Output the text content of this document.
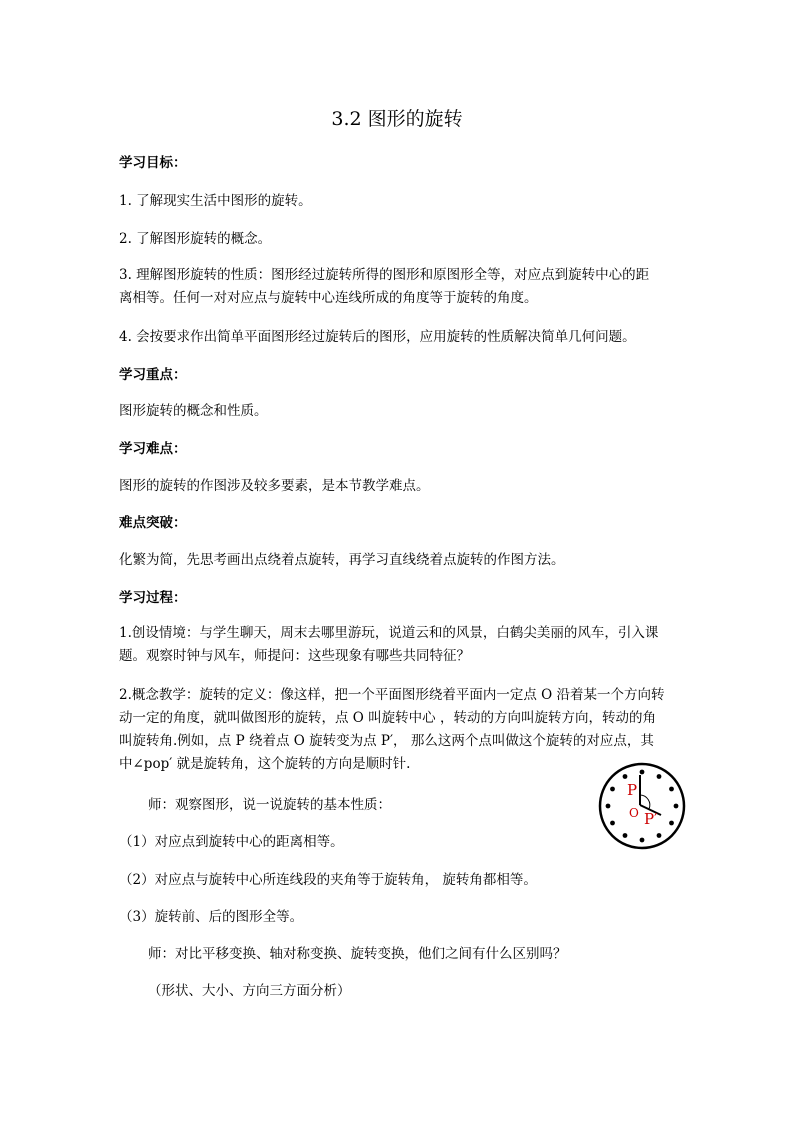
3.2 图形的旋转
学习目标：
1. 了解现实生活中图形的旋转。
2. 了解图形旋转的概念。
3. 理解图形旋转的性质：图形经过旋转所得的图形和原图形全等，对应点到旋转中心的距
离相等。任何一对对应点与旋转中心连线所成的角度等于旋转的角度。
4. 会按要求作出简单平面图形经过旋转后的图形，应用旋转的性质解决简单几何问题。
学习重点：
图形旋转的概念和性质。
学习难点：
图形的旋转的作图涉及较多要素，是本节教学难点。
难点突破：
化繁为简，先思考画出点绕着点旋转，再学习直线绕着点旋转的作图方法。
学习过程：
1.创设情境：与学生聊天，周末去哪里游玩，说道云和的风景，白鹤尖美丽的风车，引入课
题。观察时钟与风车，师提问：这些现象有哪些共同特征？
2.概念教学：旋转的定义：像这样，把一个平面图形绕着平面内一定点 O 沿着某一个方向转
动一定的角度，就叫做图形的旋转，点 O 叫旋转中心 ，转动的方向叫旋转方向，转动的角
叫旋转角.例如，点 P 绕着点 O 旋转变为点 P′， 那么这两个点叫做这个旋转的对应点，其
中∠pop′ 就是旋转角，这个旋转的方向是顺时针.
师：观察图形，说一说旋转的基本性质：
（1）对应点到旋转中心的距离相等。
（2）对应点与旋转中心所连线段的夹角等于旋转角， 旋转角都相等。
（3）旋转前、后的图形全等。
师：对比平移变换、轴对称变换、旋转变换，他们之间有什么区别吗？
（形状、大小、方向三方面分析）
P
O P′
